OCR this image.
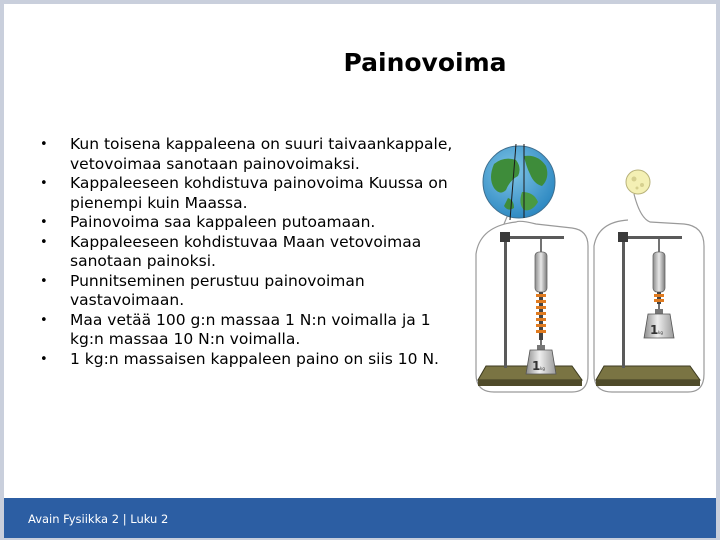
Painovoima
• Kun toisena kappaleena on suuri taivaankappale, vetovoimaa sanotaan painovoimaksi.
• Kappaleeseen kohdistuva painovoima Kuussa on pienempi kuin Maassa.
• Painovoima saa kappaleen putoamaan.
• Kappaleeseen kohdistuvaa Maan vetovoimaa sanotaan painoksi.
• Punnitseminen perustuu painovoiman vastavoimaan.
• Maa vetää 100 g:n massaa 1 N:n voimalla ja 1 kg:n massaa 10 N:n voimalla.
• 1 kg:n massaisen kappaleen paino on siis 10 N.	1 kg
1 kg
Avain Fysiikka 2 | Luku 2
